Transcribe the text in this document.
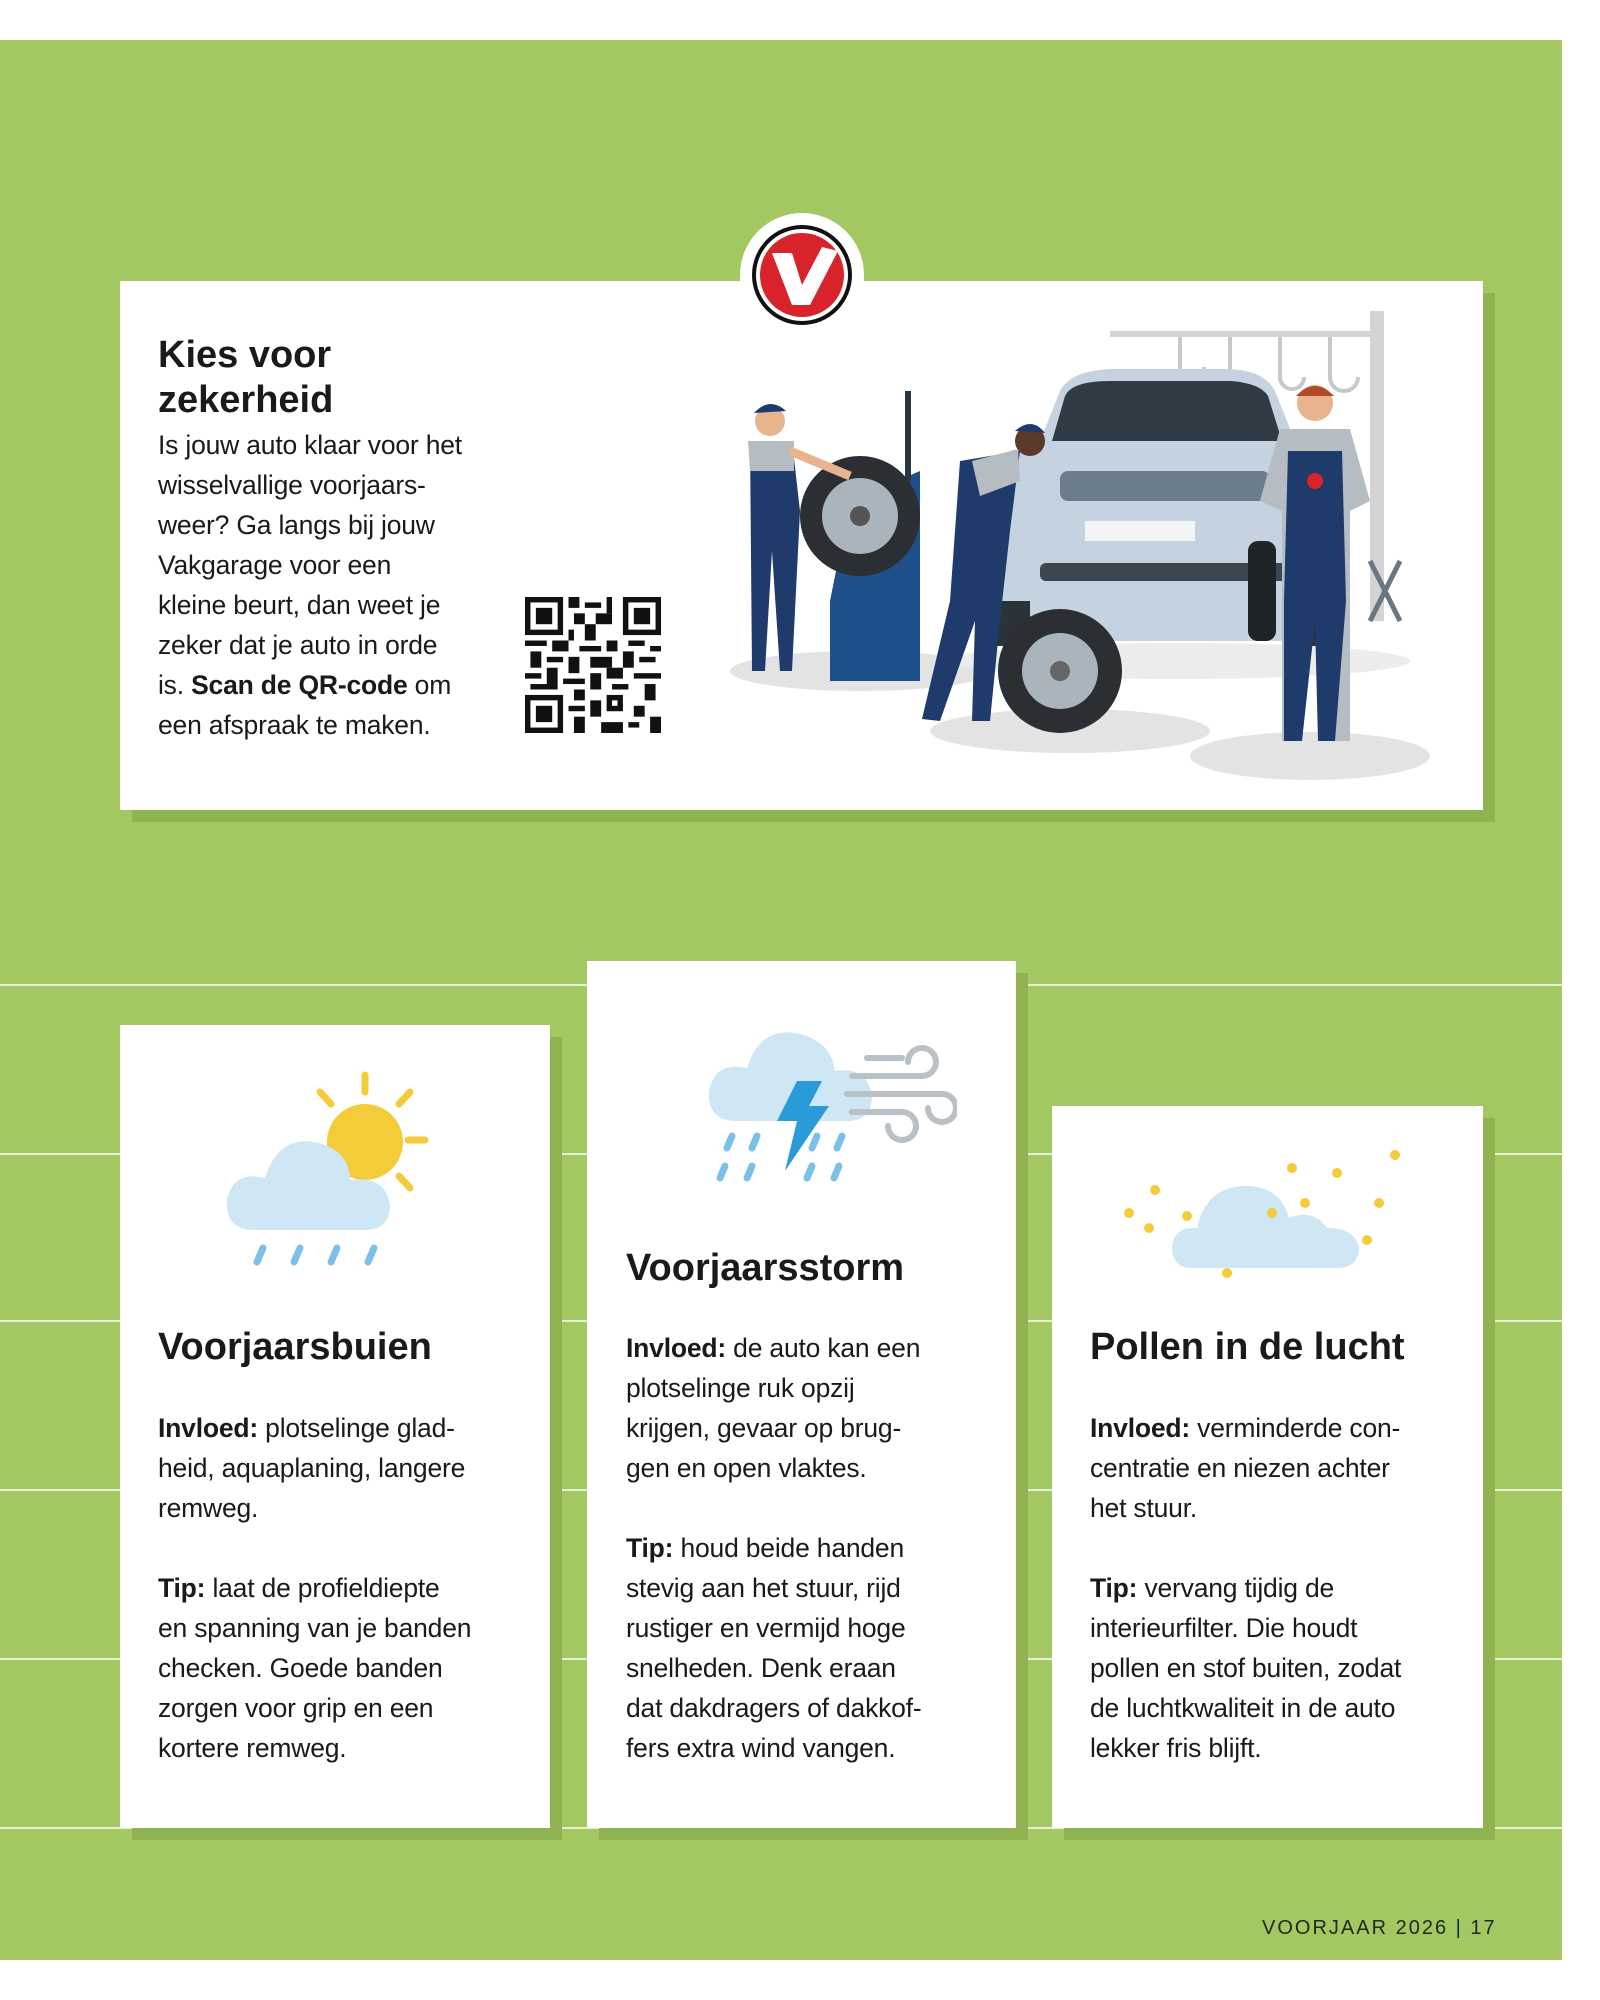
Kies voor
zekerheid
Is jouw auto klaar voor het
wisselvallige voorjaars-
weer? Ga langs bij jouw
Vakgarage voor een
kleine beurt, dan weet je
zeker dat je auto in orde
is. Scan de QR-code om
een afspraak te maken.
Voorjaarsbuien
Invloed: plotselinge glad-
heid, aquaplaning, langere
remweg.
Tip: laat de profieldiepte
en spanning van je banden
checken. Goede banden
zorgen voor grip en een
kortere remweg.
Voorjaarsstorm
Invloed: de auto kan een
plotselinge ruk opzij
krijgen, gevaar op brug-
gen en open vlaktes.
Tip: houd beide handen
stevig aan het stuur, rijd
rustiger en vermijd hoge
snelheden. Denk eraan
dat dakdragers of dakkof-
fers extra wind vangen.
Pollen in de lucht
Invloed: verminderde con-
centratie en niezen achter
het stuur.
Tip: vervang tijdig de
interieurfilter. Die houdt
pollen en stof buiten, zodat
de luchtkwaliteit in de auto
lekker fris blijft.
VOORJAAR 2026 | 17
